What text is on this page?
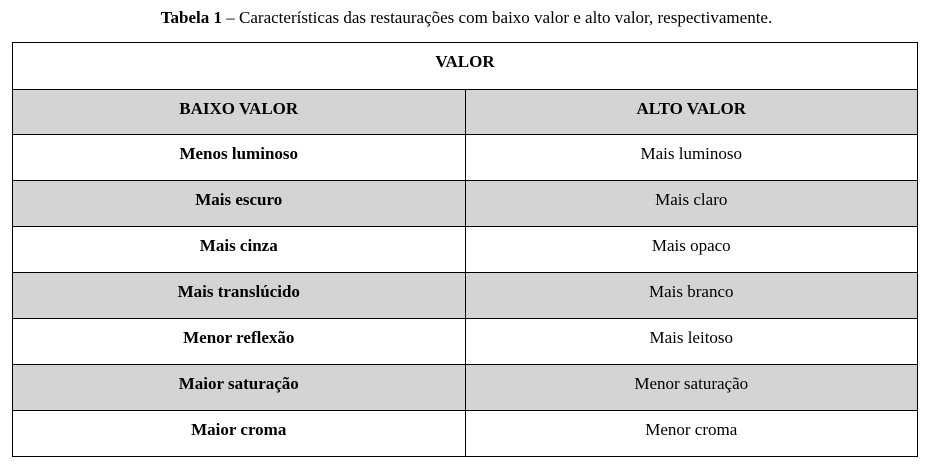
Tabela 1 – Características das restaurações com baixo valor e alto valor, respectivamente.
VALOR	
BAIXO VALOR	ALTO VALOR
Menos luminoso	Mais luminoso
Mais escuro	Mais claro
Mais cinza	Mais opaco
Mais translúcido	Mais branco
Menor reflexão	Mais leitoso
Maior saturação	Menor saturação
Maior croma	Menor croma
